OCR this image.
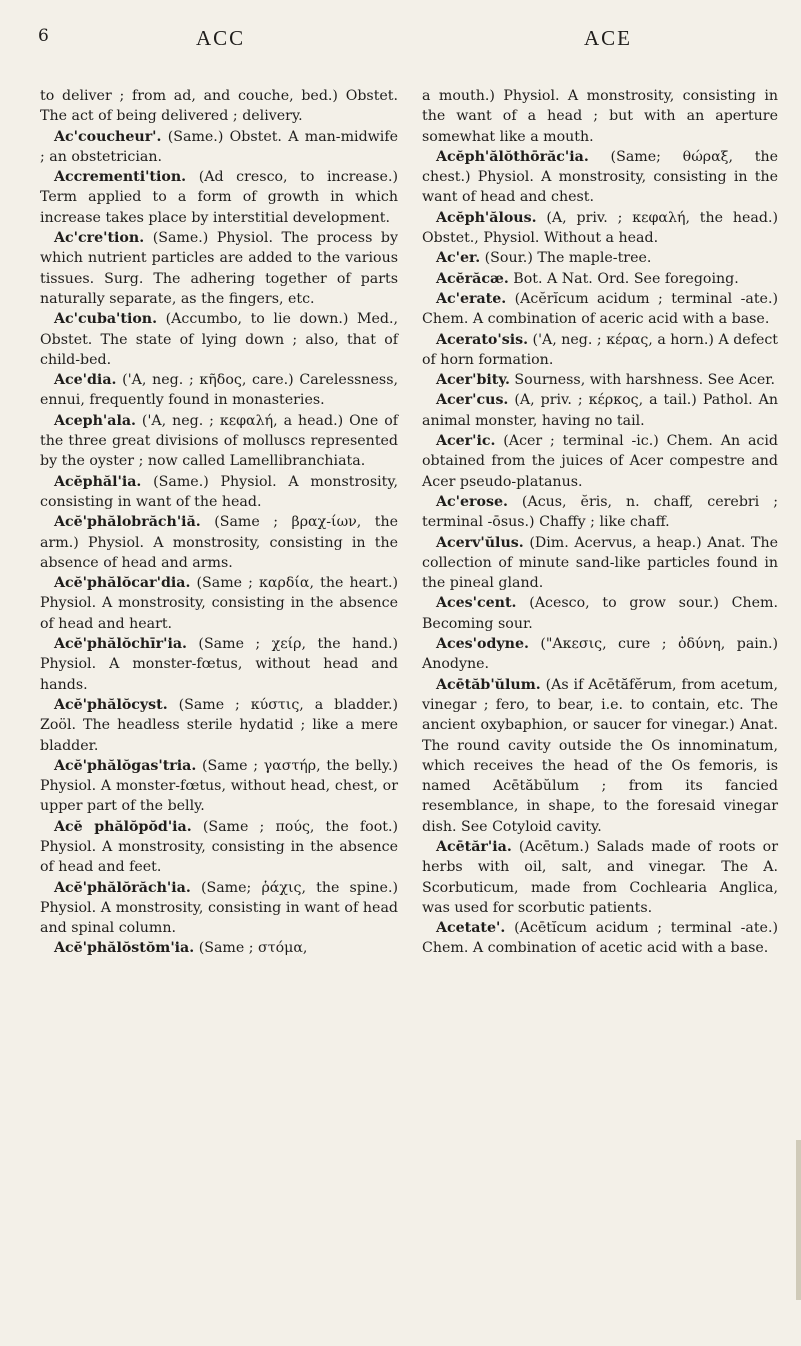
6	ACC	ACE

to deliver ; from ad, and couche, bed.) Obstet. The act of being delivered ; delivery.

Ac'coucheur'. (Same.) Obstet. A man-midwife ; an obstetrician.

Accrementi'tion. (Ad cresco, to increase.) Term applied to a form of growth in which increase takes place by interstitial development.

Ac'cre'tion. (Same.) Physiol. The process by which nutrient particles are added to the various tissues. Surg. The adhering together of parts naturally separate, as the fingers, etc.

Ac'cuba'tion. (Accumbo, to lie down.) Med., Obstet. The state of lying down ; also, that of child-bed.

Ace'dia. ('A, neg. ; κῆδος, care.) Carelessness, ennui, frequently found in monasteries.

Aceph'ala. ('A, neg. ; κεφαλή, a head.) One of the three great divisions of molluscs represented by the oyster ; now called Lamellibranchiata.

Acĕphăl'ia. (Same.) Physiol. A monstrosity, consisting in want of the head.

Acĕ'phălobrăch'iă. (Same ; βραχ-ίων, the arm.) Physiol. A monstrosity, consisting in the absence of head and arms.

Acĕ'phălŏcar'dia. (Same ; καρδία, the heart.) Physiol. A monstrosity, consisting in the absence of head and heart.

Acĕ'phălŏchīr'ia. (Same ; χείρ, the hand.) Physiol. A monster-fœtus, without head and hands.

Acĕ'phălŏcyst. (Same ; κύστις, a bladder.) Zoöl. The headless sterile hydatid ; like a mere bladder.

Acĕ'phălŏgas'tria. (Same ; γαστήρ, the belly.) Physiol. A monster-fœtus, without head, chest, or upper part of the belly.

Acĕ phălŏpŏd'ia. (Same ; πούς, the foot.) Physiol. A monstrosity, consisting in the absence of head and feet.

Acĕ'phălŏrăch'ia. (Same; ῥάχις, the spine.) Physiol. A monstrosity, consisting in want of head and spinal column.

Acĕ'phălŏstŏm'ia. (Same ; στόμα,

a mouth.) Physiol. A monstrosity, consisting in the want of a head ; but with an aperture somewhat like a mouth.

Acĕph'ălŏthōrăc'ia. (Same; θώραξ, the chest.) Physiol. A monstrosity, consisting in the want of head and chest.

Acĕph'ălous. (A, priv. ; κεφαλή, the head.) Obstet., Physiol. Without a head.

Ac'er. (Sour.) The maple-tree.

Acĕrăcæ. Bot. A Nat. Ord. See foregoing.

Ac'erate. (Acĕrĭcum acidum ; terminal -ate.) Chem. A combination of aceric acid with a base.

Acerato'sis. ('A, neg. ; κέρας, a horn.) A defect of horn formation.

Acer'bity. Sourness, with harshness. See Acer.

Acer'cus. (A, priv. ; κέρκος, a tail.) Pathol. An animal monster, having no tail.

Acer'ic. (Acer ; terminal -ic.) Chem. An acid obtained from the juices of Acer compestre and Acer pseudo-platanus.

Ac'erose. (Acus, ĕris, n. chaff, cerebri ; terminal -ōsus.) Chaffy ; like chaff.

Acerv'ŭlus. (Dim. Acervus, a heap.) Anat. The collection of minute sand-like particles found in the pineal gland.

Aces'cent. (Acesco, to grow sour.) Chem. Becoming sour.

Aces'odyne. ("Ακεσις, cure ; ὀδύνη, pain.) Anodyne.

Acētăb'ŭlum. (As if Acētăfĕrum, from acetum, vinegar ; fero, to bear, i.e. to contain, etc. The ancient oxybaphion, or saucer for vinegar.) Anat. The round cavity outside the Os innominatum, which receives the head of the Os femoris, is named Acētăbŭlum ; from its fancied resemblance, in shape, to the foresaid vinegar dish. See Cotyloid cavity.

Acētăr'ia. (Acētum.) Salads made of roots or herbs with oil, salt, and vinegar. The A. Scorbuticum, made from Cochlearia Anglica, was used for scorbutic patients.

Acetate'. (Acētĭcum acidum ; terminal -ate.) Chem. A combination of acetic acid with a base.
